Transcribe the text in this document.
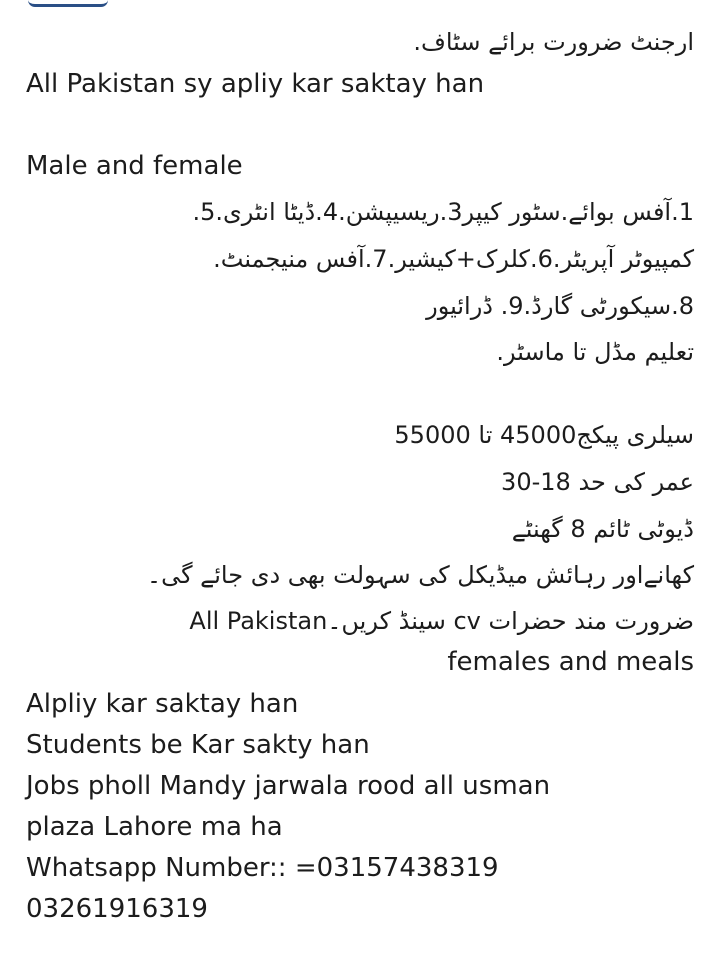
ارجنٹ ضرورت برائے سٹاف.
All Pakistan sy apliy kar saktay han
Male and female
1.آفس بوائے.سٹور کیپر3.ریسیپشن.4.ڈیٹا انٹری.5.
کمپیوٹر آپریٹر.6.کلرک+کیشیر.7.آفس منیجمنٹ.
8.سیکورٹی گارڈ.9. ڈرائیور
تعلیم مڈل تا ماسٹر.
سیلری پیکج45000 تا 55000
عمر کی حد 18-30
ڈیوٹی ٹائم 8 گھنٹے
کھانےاور رہائش میڈیکل کی سہولت بھی دی جائے گی۔
ضرورت مند حضرات cv سینڈ کریں۔All Pakistan
females and meals
Alpliy kar saktay han
Students be Kar sakty han
Jobs pholl Mandy jarwala rood all usman
plaza Lahore ma ha
Whatsapp Number:: =03157438319
03261916319
